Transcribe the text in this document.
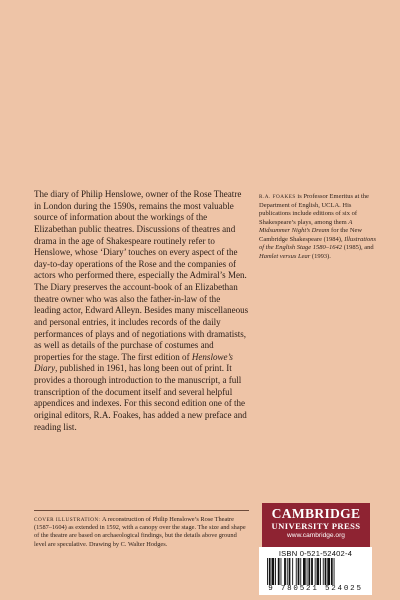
The diary of Philip Henslowe, owner of the Rose Theatre in London during the 1590s, remains the most valuable source of information about the workings of the Elizabethan public theatres. Discussions of theatres and drama in the age of Shakespeare routinely refer to Henslowe, whose ‘Diary’ touches on every aspect of the day-to-day operations of the Rose and the companies of actors who performed there, especially the Admiral’s Men. The Diary preserves the account-book of an Elizabethan theatre owner who was also the father-in-law of the leading actor, Edward Alleyn. Besides many miscellaneous and personal entries, it includes records of the daily performances of plays and of negotiations with dramatists, as well as details of the purchase of costumes and properties for the stage. The first edition of Henslowe’s Diary, published in 1961, has long been out of print. It provides a thorough introduction to the manuscript, a full transcription of the document itself and several helpful appendices and indexes. For this second edition one of the original editors, R.A. Foakes, has added a new preface and reading list.

R.A. FOAKES is Professor Emeritus at the Department of English, UCLA. His publications include editions of six of Shakespeare’s plays, among them A Midsummer Night’s Dream for the New Cambridge Shakespeare (1984), Illustrations of the English Stage 1580–1642 (1985), and Hamlet versus Lear (1993).

COVER ILLUSTRATION: A reconstruction of Philip Henslowe’s Rose Theatre (1587–1604) as extended in 1592, with a canopy over the stage. The size and shape of the theatre are based on archaeological findings, but the details above ground level are speculative. Drawing by C. Walter Hodges.

CAMBRIDGE
UNIVERSITY PRESS
www.cambridge.org
ISBN 0-521-52402-4
9 780521 524025
